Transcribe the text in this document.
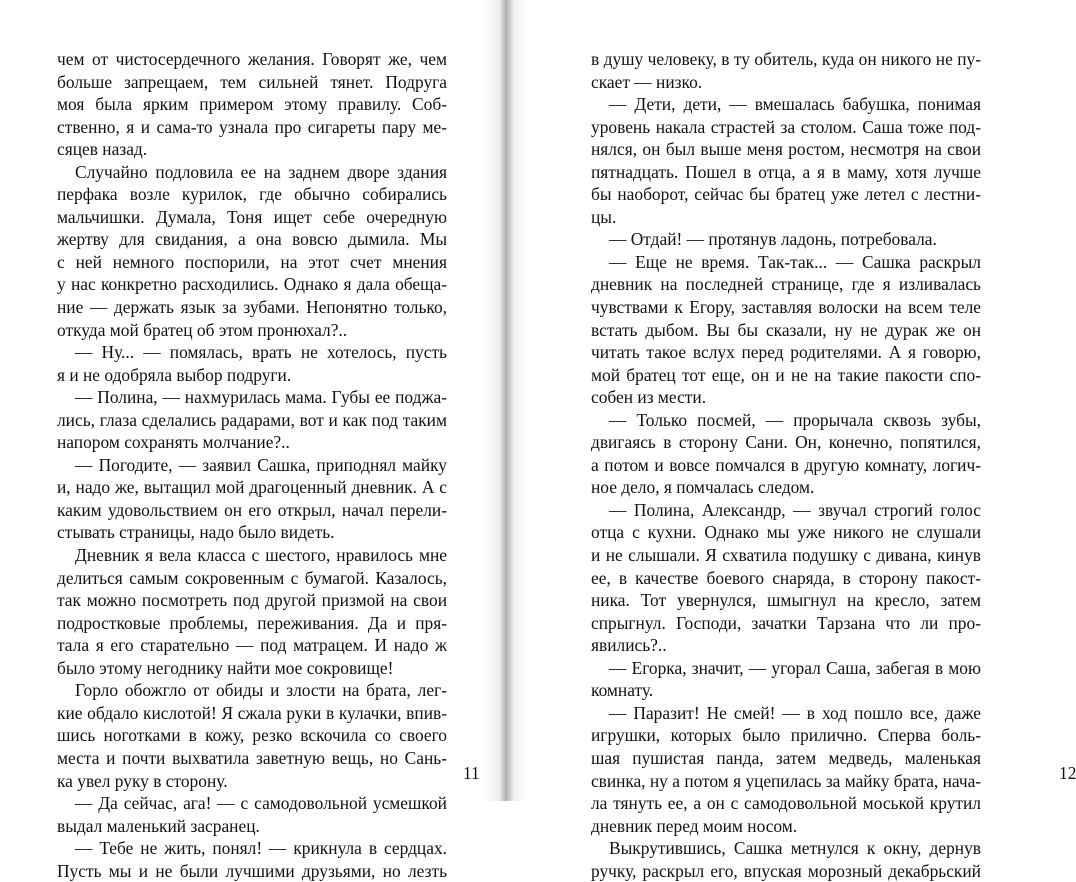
чем от чистосердечного желания. Говорят же, чем
больше запрещаем, тем сильней тянет. Подруга
моя была ярким примером этому правилу. Соб-
ственно, я и сама-то узнала про сигареты пару ме-
сяцев назад.
Случайно подловила ее на заднем дворе здания
перфака возле курилок, где обычно собирались
мальчишки. Думала, Тоня ищет себе очередную
жертву для свидания, а она вовсю дымила. Мы
с ней немного поспорили, на этот счет мнения
у нас конкретно расходились. Однако я дала обеща-
ние — держать язык за зубами. Непонятно только,
откуда мой братец об этом пронюхал?..
— Ну... — помялась, врать не хотелось, пусть
я и не одобряла выбор подруги.
— Полина, — нахмурилась мама. Губы ее поджа-
лись, глаза сделались радарами, вот и как под таким
напором сохранять молчание?..
— Погодите, — заявил Сашка, приподнял майку
и, надо же, вытащил мой драгоценный дневник. А с
каким удовольствием он его открыл, начал перели-
стывать страницы, надо было видеть.
Дневник я вела класса с шестого, нравилось мне
делиться самым сокровенным с бумагой. Казалось,
так можно посмотреть под другой призмой на свои
подростковые проблемы, переживания. Да и пря-
тала я его старательно — под матрацем. И надо ж
было этому негоднику найти мое сокровище!
Горло обожгло от обиды и злости на брата, лег-
кие обдало кислотой! Я сжала руки в кулачки, впив-
шись ноготками в кожу, резко вскочила со своего
места и почти выхватила заветную вещь, но Сань-
ка увел руку в сторону.
— Да сейчас, ага! — с самодовольной усмешкой
выдал маленький засранец.
— Тебе не жить, понял! — крикнула в сердцах.
Пусть мы и не были лучшими друзьями, но лезть
11
в душу человеку, в ту обитель, куда он никого не пу-
скает — низко.
— Дети, дети, — вмешалась бабушка, понимая
уровень накала страстей за столом. Саша тоже под-
нялся, он был выше меня ростом, несмотря на свои
пятнадцать. Пошел в отца, а я в маму, хотя лучше
бы наоборот, сейчас бы братец уже летел с лестни-
цы.
— Отдай! — протянув ладонь, потребовала.
— Еще не время. Так-так... — Сашка раскрыл
дневник на последней странице, где я изливалась
чувствами к Егору, заставляя волоски на всем теле
встать дыбом. Вы бы сказали, ну не дурак же он
читать такое вслух перед родителями. А я говорю,
мой братец тот еще, он и не на такие пакости спо-
собен из мести.
— Только посмей, — прорычала сквозь зубы,
двигаясь в сторону Сани. Он, конечно, попятился,
а потом и вовсе помчался в другую комнату, логич-
ное дело, я помчалась следом.
— Полина, Александр, — звучал строгий голос
отца с кухни. Однако мы уже никого не слушали
и не слышали. Я схватила подушку с дивана, кинув
ее, в качестве боевого снаряда, в сторону пакост-
ника. Тот увернулся, шмыгнул на кресло, затем
спрыгнул. Господи, зачатки Тарзана что ли про-
явились?..
— Егорка, значит, — угорал Саша, забегая в мою
комнату.
— Паразит! Не смей! — в ход пошло все, даже
игрушки, которых было прилично. Сперва боль-
шая пушистая панда, затем медведь, маленькая
свинка, ну а потом я уцепилась за майку брата, нача-
ла тянуть ее, а он с самодовольной моськой крутил
дневник перед моим носом.
Выкрутившись, Сашка метнулся к окну, дернув
ручку, раскрыл его, впуская морозный декабрьский
12
